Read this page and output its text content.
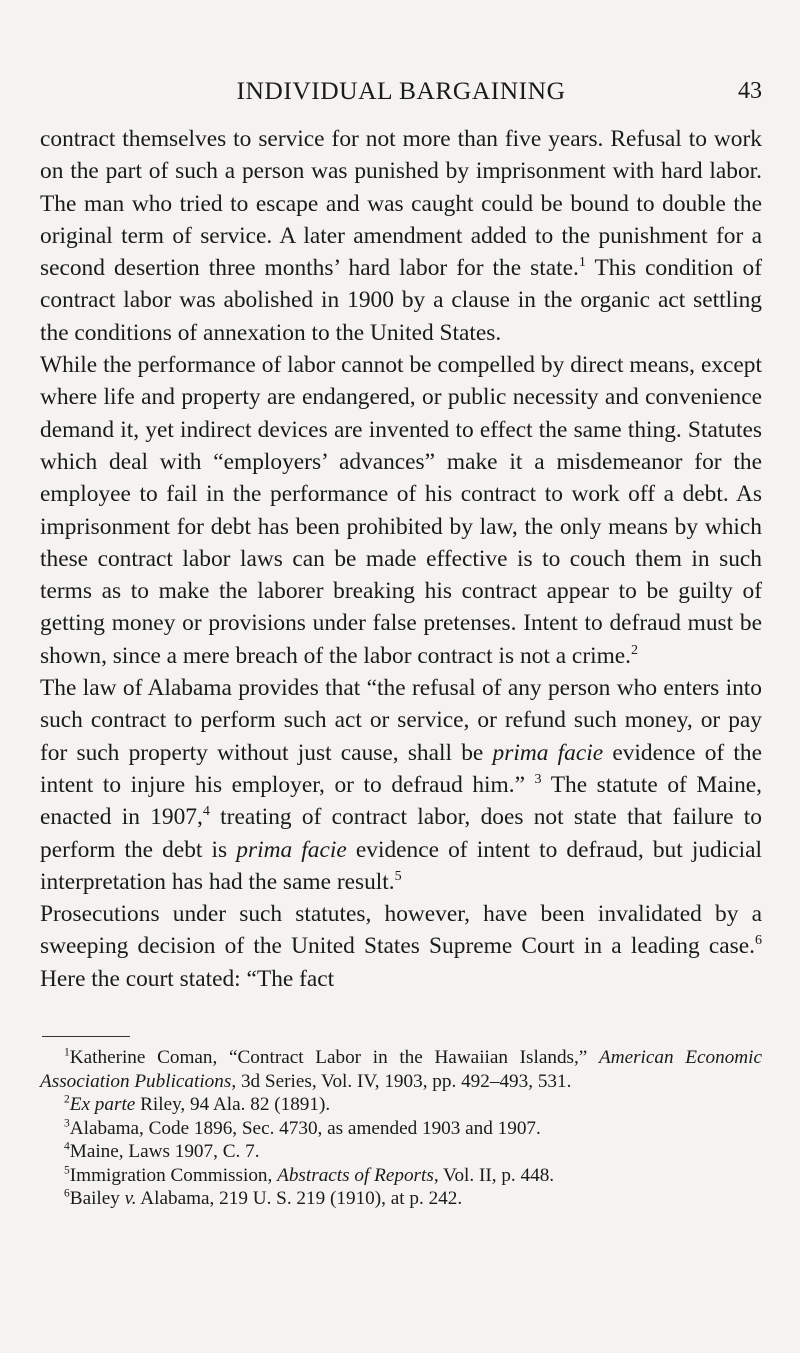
INDIVIDUAL BARGAINING	43

contract themselves to service for not more than five years. Refusal to work on the part of such a person was punished by imprisonment with hard labor. The man who tried to escape and was caught could be bound to double the original term of service. A later amendment added to the punishment for a second desertion three months’ hard labor for the state.$^1$ This condition of contract labor was abolished in 1900 by a clause in the organic act settling the conditions of annexation to the United States.

While the performance of labor cannot be compelled by direct means, except where life and property are endangered, or public necessity and convenience demand it, yet indirect devices are invented to effect the same thing. Statutes which deal with “employers’ advances” make it a misdemeanor for the employee to fail in the performance of his contract to work off a debt. As imprisonment for debt has been prohibited by law, the only means by which these contract labor laws can be made effective is to couch them in such terms as to make the laborer breaking his contract appear to be guilty of getting money or provisions under false pretenses. Intent to defraud must be shown, since a mere breach of the labor contract is not a crime.$^2$

The law of Alabama provides that “the refusal of any person who enters into such contract to perform such act or service, or refund such money, or pay for such property without just cause, shall be prima facie evidence of the intent to injure his employer, or to defraud him.” $^3$ The statute of Maine, enacted in 1907,$^4$ treating of contract labor, does not state that failure to perform the debt is prima facie evidence of intent to defraud, but judicial interpretation has had the same result.$^5$

Prosecutions under such statutes, however, have been invalidated by a sweeping decision of the United States Supreme Court in a leading case.$^6$ Here the court stated: “The fact

$^1$Katherine Coman, “Contract Labor in the Hawaiian Islands,” American Economic Association Publications, 3d Series, Vol. IV, 1903, pp. 492–493, 531.

$^2$Ex parte Riley, 94 Ala. 82 (1891).

$^3$Alabama, Code 1896, Sec. 4730, as amended 1903 and 1907.

$^4$Maine, Laws 1907, C. 7.

$^5$Immigration Commission, Abstracts of Reports, Vol. II, p. 448.

$^6$Bailey v. Alabama, 219 U. S. 219 (1910), at p. 242.
